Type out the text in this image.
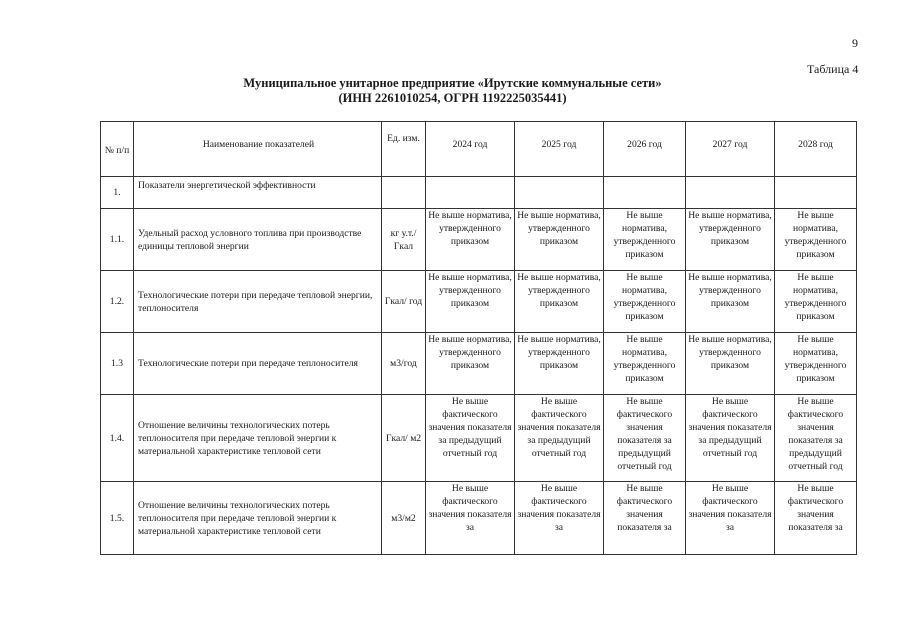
9
Таблица 4
Муниципальное унитарное предприятие «Ирутские коммунальные сети»
(ИНН 2261010254, ОГРН 1192225035441)
№ п/п	Наименование показателей	Ед. изм.	2024 год	2025 год	2026 год	2027 год	2028 год
1.	Показатели энергетической эффективности						
1.1.	Удельный расход условного топлива при производстве единицы тепловой энергии	кг у.т./ Гкал	Не выше норматива, утвержденного приказом	Не выше норматива, утвержденного приказом	Не выше норматива, утвержденного приказом	Не выше норматива, утвержденного приказом	Не выше норматива, утвержденного приказом
1.2.	Технологические потери при передаче тепловой энергии, теплоносителя	Гкал/ год	Не выше норматива, утвержденного приказом	Не выше норматива, утвержденного приказом	Не выше норматива, утвержденного приказом	Не выше норматива, утвержденного приказом	Не выше норматива, утвержденного приказом
1.3	Технологические потери при передаче теплоносителя	м3/год	Не выше норматива, утвержденного приказом	Не выше норматива, утвержденного приказом	Не выше норматива, утвержденного приказом	Не выше норматива, утвержденного приказом	Не выше норматива, утвержденного приказом
1.4.	Отношение величины технологических потерь теплоносителя при передаче тепловой энергии к материальной характеристике тепловой сети	Гкал/ м2	Не выше фактического значения показателя за предыдущий отчетный год	Не выше фактического значения показателя за предыдущий отчетный год	Не выше фактического значения показателя за предыдущий отчетный год	Не выше фактического значения показателя за предыдущий отчетный год	Не выше фактического значения показателя за предыдущий отчетный год
1.5.	Отношение величины технологических потерь теплоносителя при передаче тепловой энергии к материальной характеристике тепловой сети	м3/м2	Не выше фактического значения показателя за	Не выше фактического значения показателя за	Не выше фактического значения показателя за	Не выше фактического значения показателя за	Не выше фактического значения показателя за
